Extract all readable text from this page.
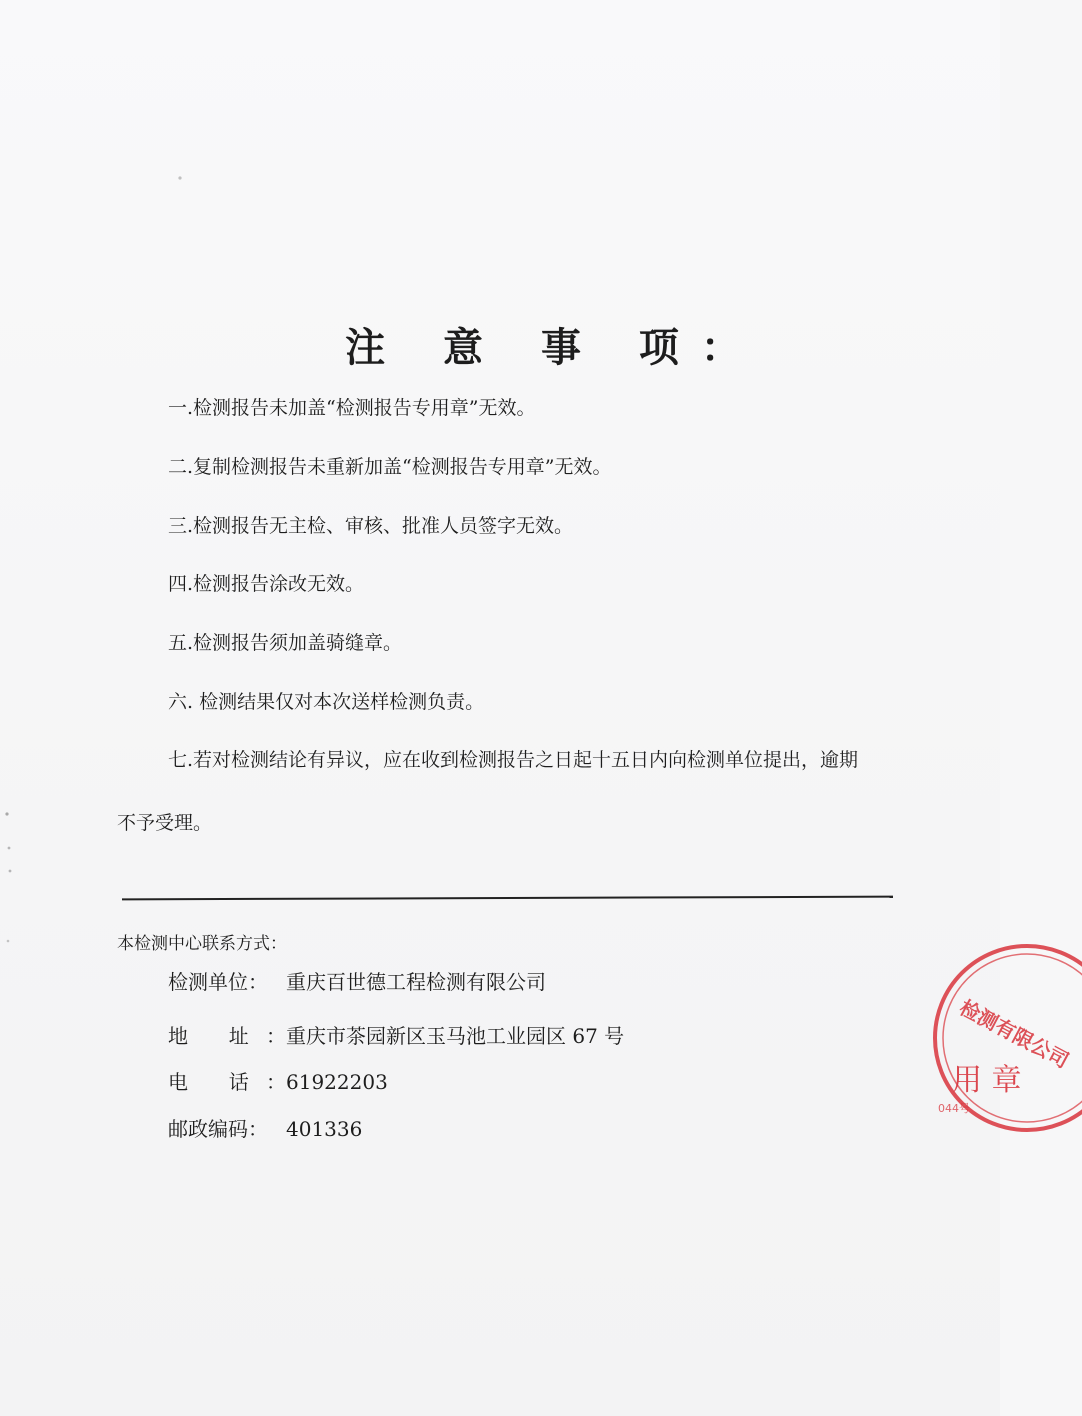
注 意 事 项：
一.检测报告未加盖“检测报告专用章”无效。
二.复制检测报告未重新加盖“检测报告专用章”无效。
三.检测报告无主检、审核、批准人员签字无效。
四.检测报告涂改无效。
五.检测报告须加盖骑缝章。
六. 检测结果仅对本次送样检测负责。
七.若对检测结论有异议，应在收到检测报告之日起十五日内向检测单位提出，逾期
不予受理。
本检测中心联系方式：
检测单位： 重庆百世德工程检测有限公司
地 址：重庆市茶园新区玉马池工业园区 67 号
电 话：61922203
邮政编码： 401336
检测有限公司
用 章
044号
